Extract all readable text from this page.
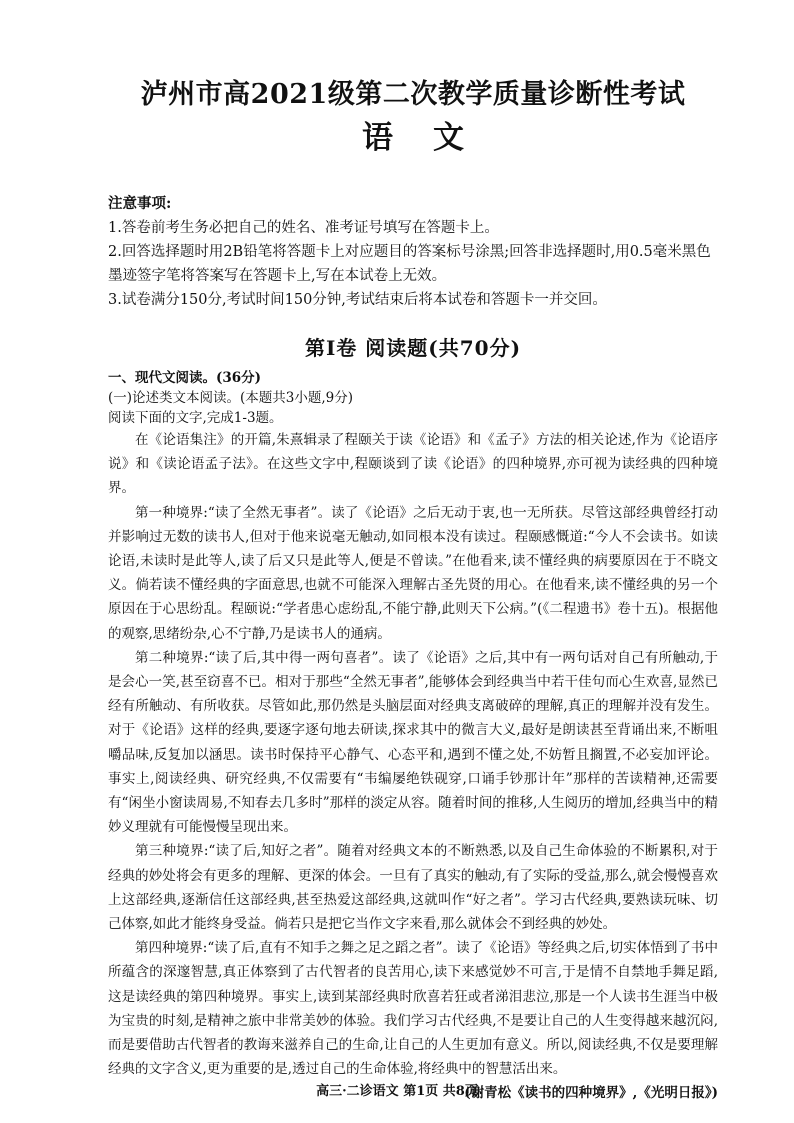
泸州市高2021级第二次教学质量诊断性考试
语文
注意事项:

1.答卷前考生务必把自己的姓名、准考证号填写在答题卡上。

2.回答选择题时用2B铅笔将答题卡上对应题目的答案标号涂黑;回答非选择题时,用0.5毫米黑色墨迹签字笔将答案写在答题卡上,写在本试卷上无效。

3.试卷满分150分,考试时间150分钟,考试结束后将本试卷和答题卡一并交回。

第Ⅰ卷 阅读题(共70分)

一、现代文阅读。(36分)

(一)论述类文本阅读。(本题共3小题,9分)

阅读下面的文字,完成1-3题。

在《论语集注》的开篇,朱熹辑录了程颐关于读《论语》和《孟子》方法的相关论述,作为《论语序说》和《读论语孟子法》。在这些文字中,程颐谈到了读《论语》的四种境界,亦可视为读经典的四种境界。

第一种境界:“读了全然无事者”。读了《论语》之后无动于衷,也一无所获。尽管这部经典曾经打动并影响过无数的读书人,但对于他来说毫无触动,如同根本没有读过。程颐感慨道:“今人不会读书。如读论语,未读时是此等人,读了后又只是此等人,便是不曾读。”在他看来,读不懂经典的病要原因在于不晓文义。倘若读不懂经典的字面意思,也就不可能深入理解古圣先贤的用心。在他看来,读不懂经典的另一个原因在于心思纷乱。程颐说:“学者患心虑纷乱,不能宁静,此则天下公病。”(《二程遗书》卷十五)。根据他的观察,思绪纷杂,心不宁静,乃是读书人的通病。

第二种境界:“读了后,其中得一两句喜者”。读了《论语》之后,其中有一两句话对自己有所触动,于是会心一笑,甚至窃喜不已。相对于那些“全然无事者”,能够体会到经典当中若干佳句而心生欢喜,显然已经有所触动、有所收获。尽管如此,那仍然是头脑层面对经典支离破碎的理解,真正的理解并没有发生。对于《论语》这样的经典,要逐字逐句地去研读,探求其中的微言大义,最好是朗读甚至背诵出来,不断咀嚼品味,反复加以涵思。读书时保持平心静气、心态平和,遇到不懂之处,不妨暂且搁置,不必妄加评论。事实上,阅读经典、研究经典,不仅需要有“韦编屡绝铁砚穿,口诵手钞那计年”那样的苦读精神,还需要有“闲坐小窗读周易,不知春去几多时”那样的淡定从容。随着时间的推移,人生阅历的增加,经典当中的精妙义理就有可能慢慢呈现出来。

第三种境界:“读了后,知好之者”。随着对经典文本的不断熟悉,以及自己生命体验的不断累积,对于经典的妙处将会有更多的理解、更深的体会。一旦有了真实的触动,有了实际的受益,那么,就会慢慢喜欢上这部经典,逐渐信任这部经典,甚至热爱这部经典,这就叫作“好之者”。学习古代经典,要熟读玩味、切己体察,如此才能终身受益。倘若只是把它当作文字来看,那么就体会不到经典的妙处。

第四种境界:“读了后,直有不知手之舞之足之蹈之者”。读了《论语》等经典之后,切实体悟到了书中所蕴含的深邃智慧,真正体察到了古代智者的良苦用心,读下来感觉妙不可言,于是情不自禁地手舞足蹈,这是读经典的第四种境界。事实上,读到某部经典时欣喜若狂或者涕泪悲泣,那是一个人读书生涯当中极为宝贵的时刻,是精神之旅中非常美妙的体验。我们学习古代经典,不是要让自己的人生变得越来越沉闷,而是要借助古代智者的教诲来滋养自己的生命,让自己的人生更加有意义。所以,阅读经典,不仅是要理解经典的文字含义,更为重要的是,透过自己的生命体验,将经典中的智慧活出来。

(谢青松《读书的四种境界》,《光明日报》)

高三·二诊语文 第1页 共8页
